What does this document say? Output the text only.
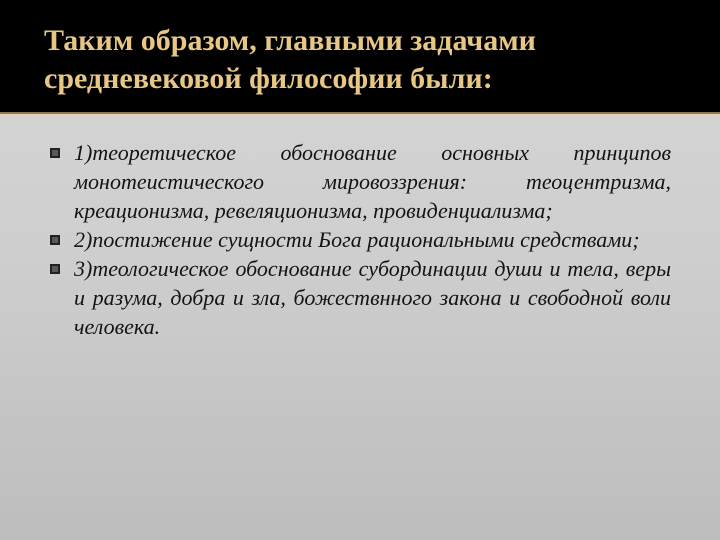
Таким образом, главными задачами средневековой философии были:
1)теоретическое обоснование основных принципов монотеистического мировоззрения: теоцентризма, креационизма, ревеляционизма, провиденциализма;
2)постижение сущности Бога рациональными средствами;
3)теологическое обоснование субординации души и тела, веры и разума, добра и зла, божествнного закона и свободной воли человека.
